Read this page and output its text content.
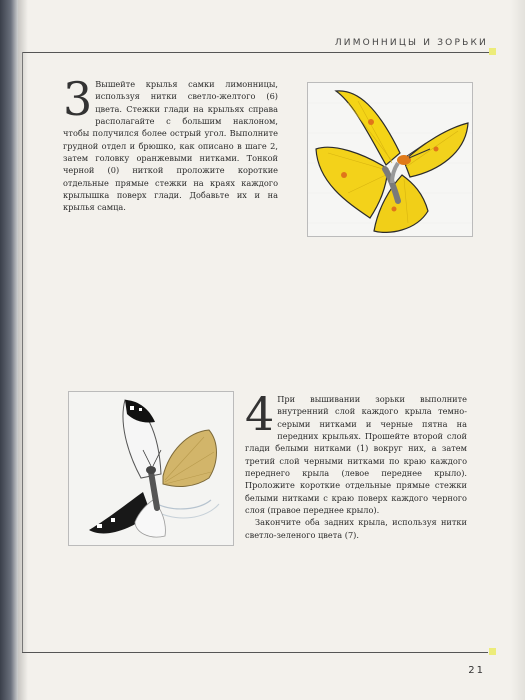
ЛИМОННИЦЫ И ЗОРЬКИ
3 Вышейте крылья самки лимонницы, используя нитки светло-желтого (6) цвета. Стежки глади на крыльях справа располагайте с большим наклоном, чтобы получился более острый угол. Выполните грудной отдел и брюшко, как описано в шаге 2, затем головку оранжевыми нитками. Тонкой черной (0) ниткой проложите короткие отдельные прямые стежки на краях каждого крылышка поверх глади. Добавьте их и на крылья самца.

4 При вышивании зорьки выполните внутренний слой каждого крыла темно-серыми нитками и черные пятна на передних крыльях. Прошейте второй слой глади белыми нитками (1) вокруг них, а затем третий слой черными нитками по краю каждого переднего крыла (левое переднее крыло). Проложите короткие отдельные прямые стежки белыми нитками с краю поверх каждого черного слоя (правое переднее крыло).

Закончите оба задних крыла, используя нитки светло-зеленого цвета (7).

21
